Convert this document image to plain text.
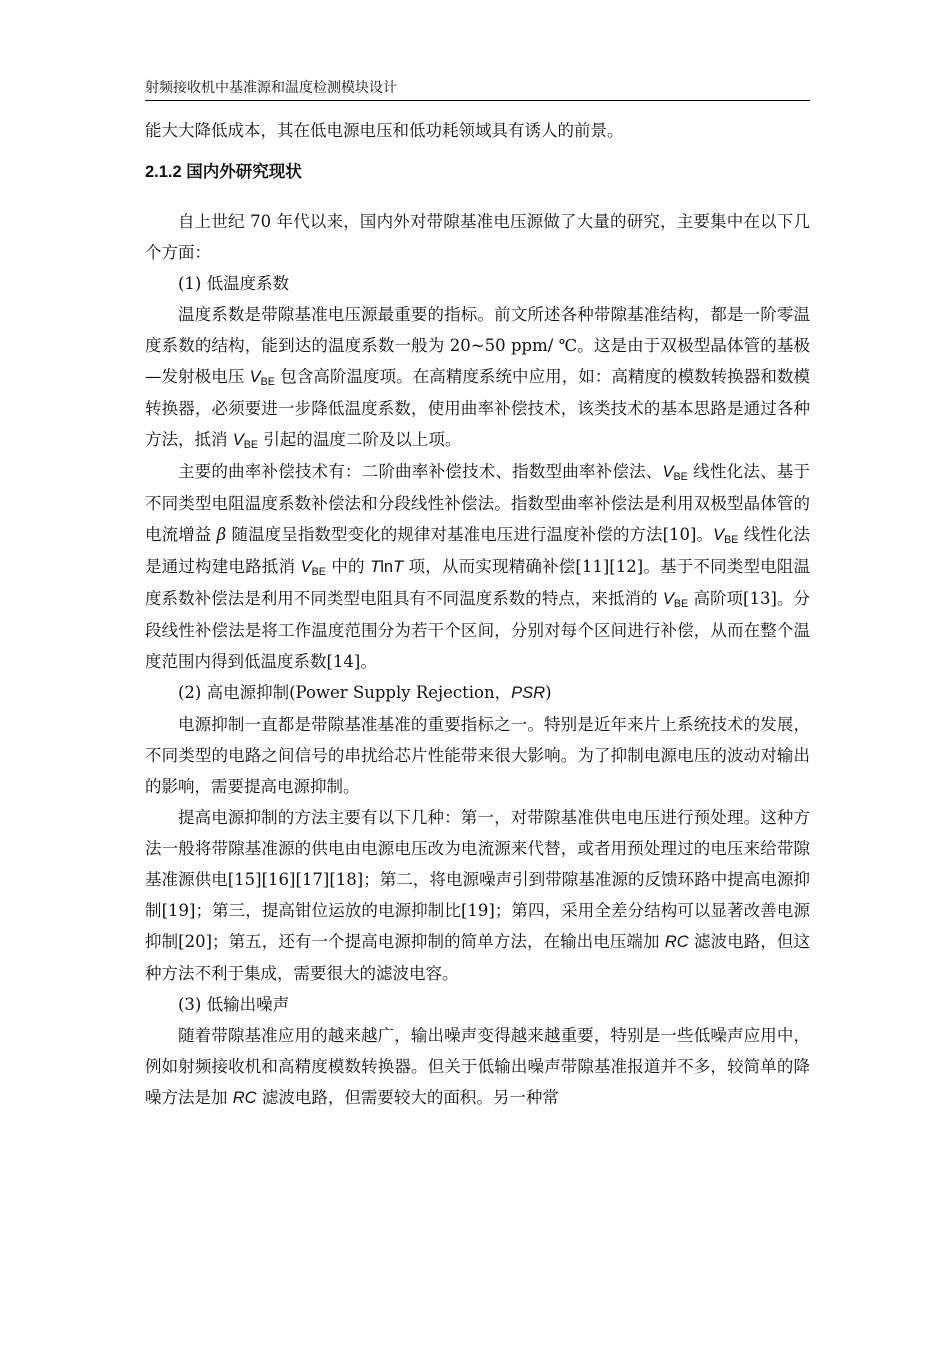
射频接收机中基准源和温度检测模块设计

能大大降低成本，其在低电源电压和低功耗领域具有诱人的前景。

2.1.2 国内外研究现状

自上世纪 70 年代以来，国内外对带隙基准电压源做了大量的研究，主要集中在以下几个方面：

(1) 低温度系数

温度系数是带隙基准电压源最重要的指标。前文所述各种带隙基准结构，都是一阶零温度系数的结构，能到达的温度系数一般为 20~50 ppm/ ℃。这是由于双极型晶体管的基极—发射极电压 $V_{BE}$ 包含高阶温度项。在高精度系统中应用，如：高精度的模数转换器和数模转换器，必须要进一步降低温度系数，使用曲率补偿技术，该类技术的基本思路是通过各种方法，抵消 $V_{BE}$ 引起的温度二阶及以上项。

主要的曲率补偿技术有：二阶曲率补偿技术、指数型曲率补偿法、$V_{BE}$ 线性化法、基于不同类型电阻温度系数补偿法和分段线性补偿法。指数型曲率补偿法是利用双极型晶体管的电流增益 β 随温度呈指数型变化的规律对基准电压进行温度补偿的方法[10]。$V_{BE}$ 线性化法是通过构建电路抵消 $V_{BE}$ 中的 TlnT 项，从而实现精确补偿[11][12]。基于不同类型电阻温度系数补偿法是利用不同类型电阻具有不同温度系数的特点，来抵消的 $V_{BE}$ 高阶项[13]。分段线性补偿法是将工作温度范围分为若干个区间，分别对每个区间进行补偿，从而在整个温度范围内得到低温度系数[14]。

(2) 高电源抑制(Power Supply Rejection，PSR)

电源抑制一直都是带隙基准基准的重要指标之一。特别是近年来片上系统技术的发展，不同类型的电路之间信号的串扰给芯片性能带来很大影响。为了抑制电源电压的波动对输出的影响，需要提高电源抑制。

提高电源抑制的方法主要有以下几种：第一，对带隙基准供电电压进行预处理。这种方法一般将带隙基准源的供电由电源电压改为电流源来代替，或者用预处理过的电压来给带隙基准源供电[15][16][17][18]；第二，将电源噪声引到带隙基准源的反馈环路中提高电源抑制[19]；第三，提高钳位运放的电源抑制比[19]；第四，采用全差分结构可以显著改善电源抑制[20]；第五，还有一个提高电源抑制的简单方法，在输出电压端加 RC 滤波电路，但这种方法不利于集成，需要很大的滤波电容。

(3) 低输出噪声

随着带隙基准应用的越来越广，输出噪声变得越来越重要，特别是一些低噪声应用中，例如射频接收机和高精度模数转换器。但关于低输出噪声带隙基准报道并不多，较简单的降噪方法是加 RC 滤波电路，但需要较大的面积。另一种常
